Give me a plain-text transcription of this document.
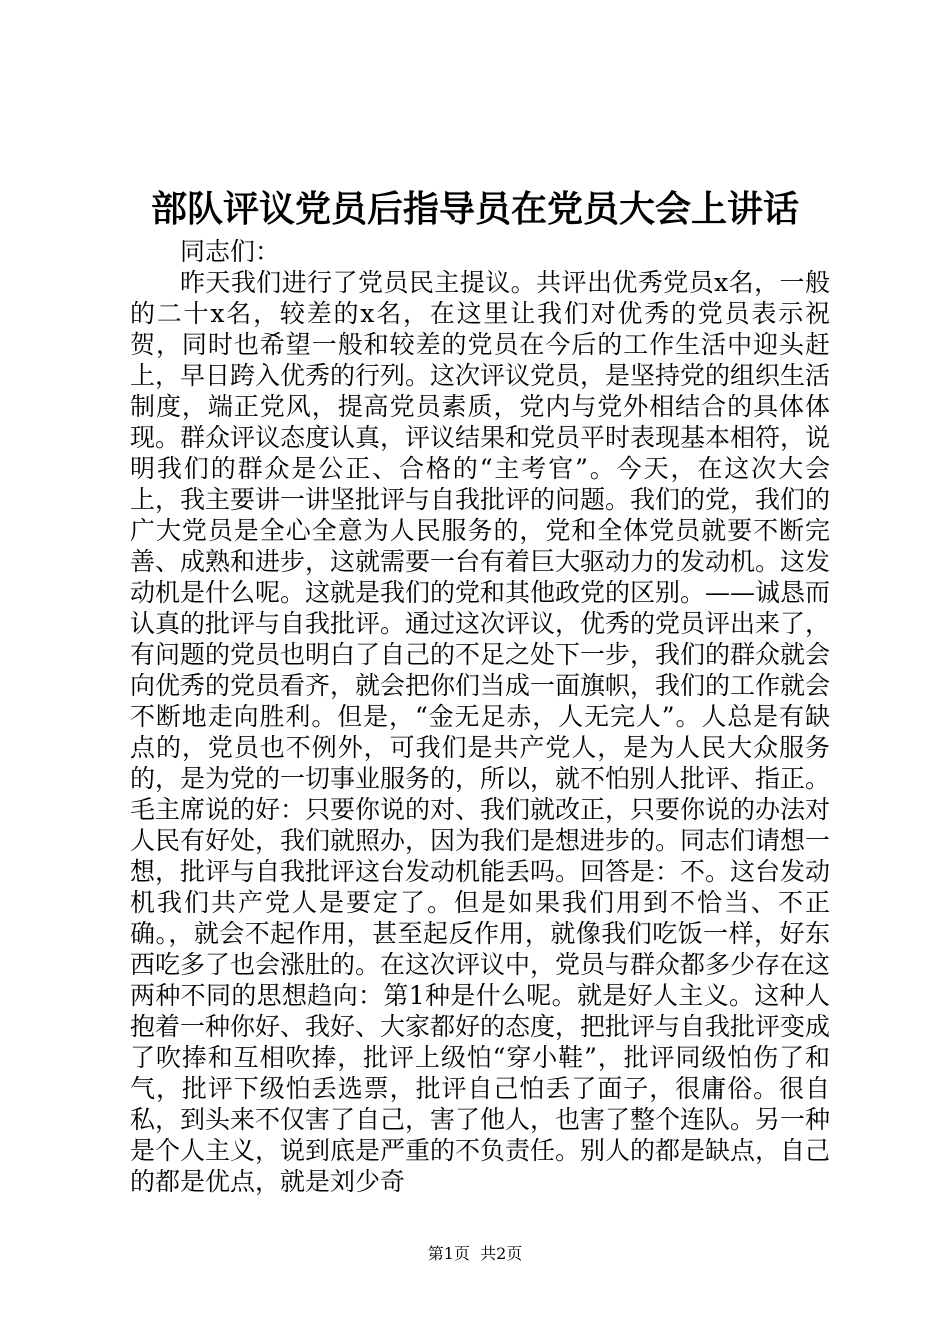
部队评议党员后指导员在党员大会上讲话

同志们：

昨天我们进行了党员民主提议。共评出优秀党员x名，一般的二十x名，较差的x名，在这里让我们对优秀的党员表示祝贺，同时也希望一般和较差的党员在今后的工作生活中迎头赶上，早日跨入优秀的行列。这次评议党员，是坚持党的组织生活制度，端正党风，提高党员素质，党内与党外相结合的具体体现。群众评议态度认真，评议结果和党员平时表现基本相符，说明我们的群众是公正、合格的“主考官”。今天，在这次大会上，我主要讲一讲坚批评与自我批评的问题。我们的党，我们的广大党员是全心全意为人民服务的，党和全体党员就要不断完善、成熟和进步，这就需要一台有着巨大驱动力的发动机。这发动机是什么呢。这就是我们的党和其他政党的区别。——诚恳而认真的批评与自我批评。通过这次评议，优秀的党员评出来了，有问题的党员也明白了自己的不足之处下一步，我们的群众就会向优秀的党员看齐，就会把你们当成一面旗帜，我们的工作就会不断地走向胜利。但是，“金无足赤，人无完人”。人总是有缺点的，党员也不例外，可我们是共产党人，是为人民大众服务的，是为党的一切事业服务的，所以，就不怕别人批评、指正。毛主席说的好：只要你说的对、我们就改正，只要你说的办法对人民有好处，我们就照办，因为我们是想进步的。同志们请想一想，批评与自我批评这台发动机能丢吗。回答是：不。这台发动机我们共产党人是要定了。但是如果我们用到不恰当、不正确。，就会不起作用，甚至起反作用，就像我们吃饭一样，好东西吃多了也会涨肚的。在这次评议中，党员与群众都多少存在这两种不同的思想趋向：第1种是什么呢。就是好人主义。这种人抱着一种你好、我好、大家都好的态度，把批评与自我批评变成了吹捧和互相吹捧，批评上级怕“穿小鞋”，批评同级怕伤了和气，批评下级怕丢选票，批评自己怕丢了面子，很庸俗。很自私，到头来不仅害了自己，害了他人，也害了整个连队。另一种是个人主义，说到底是严重的不负责任。别人的都是缺点，自己的都是优点，就是刘少奇

第1页  共2页
